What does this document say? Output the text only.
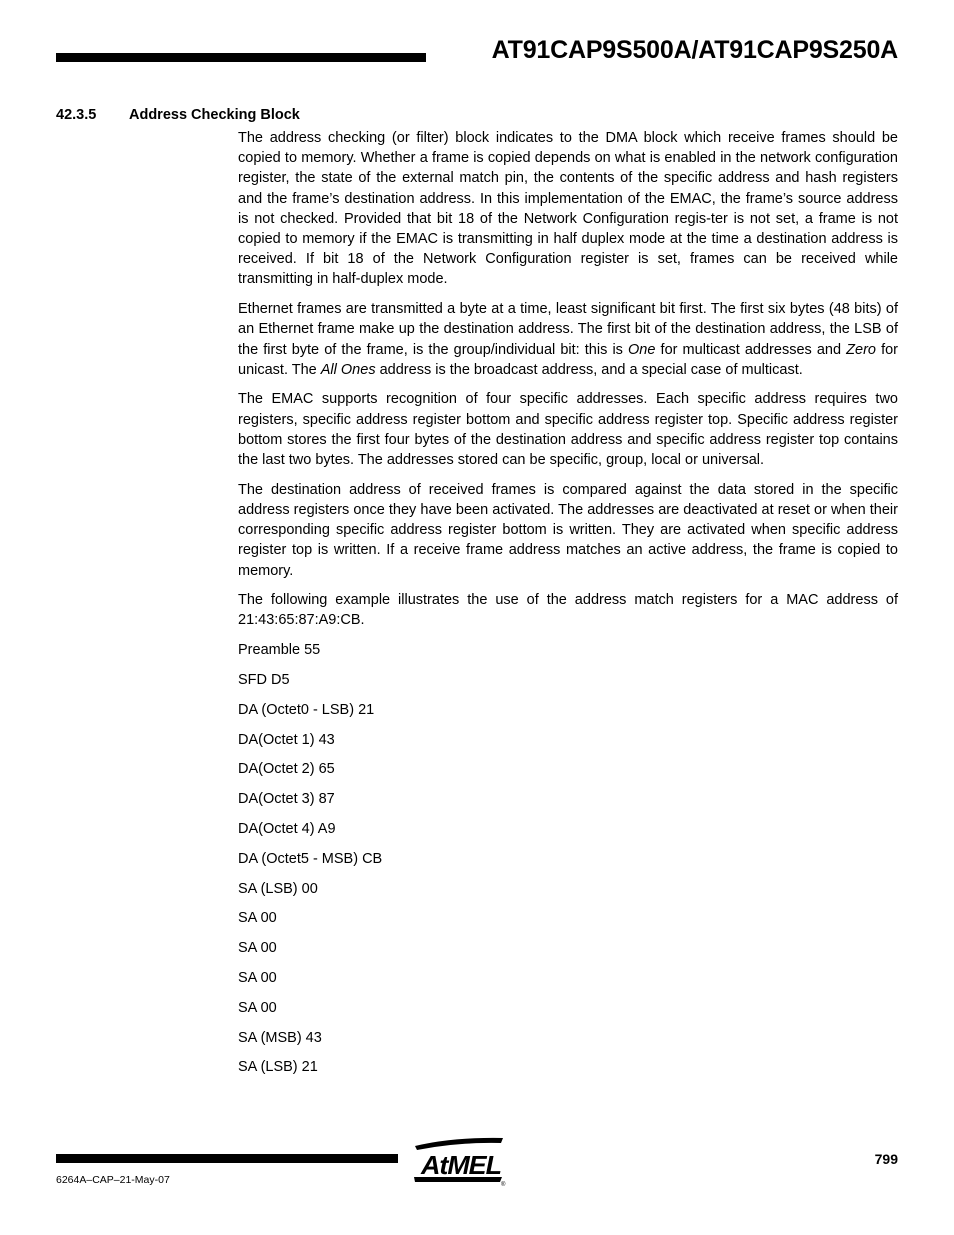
AT91CAP9S500A/AT91CAP9S250A
42.3.5 Address Checking Block

The address checking (or filter) block indicates to the DMA block which receive frames should be copied to memory. Whether a frame is copied depends on what is enabled in the network configuration register, the state of the external match pin, the contents of the specific address and hash registers and the frame’s destination address. In this implementation of the EMAC, the frame’s source address is not checked. Provided that bit 18 of the Network Configuration regis-ter is not set, a frame is not copied to memory if the EMAC is transmitting in half duplex mode at the time a destination address is received. If bit 18 of the Network Configuration register is set, frames can be received while transmitting in half-duplex mode.

Ethernet frames are transmitted a byte at a time, least significant bit first. The first six bytes (48 bits) of an Ethernet frame make up the destination address. The first bit of the destination address, the LSB of the first byte of the frame, is the group/individual bit: this is One for multicast addresses and Zero for unicast. The All Ones address is the broadcast address, and a special case of multicast.

The EMAC supports recognition of four specific addresses. Each specific address requires two registers, specific address register bottom and specific address register top. Specific address register bottom stores the first four bytes of the destination address and specific address register top contains the last two bytes. The addresses stored can be specific, group, local or universal.

The destination address of received frames is compared against the data stored in the specific address registers once they have been activated. The addresses are deactivated at reset or when their corresponding specific address register bottom is written. They are activated when specific address register top is written. If a receive frame address matches an active address, the frame is copied to memory.

The following example illustrates the use of the address match registers for a MAC address of 21:43:65:87:A9:CB.

Preamble 55

SFD D5

DA (Octet0 - LSB) 21

DA(Octet 1) 43

DA(Octet 2) 65

DA(Octet 3) 87

DA(Octet 4) A9

DA (Octet5 - MSB) CB

SA (LSB) 00

SA 00

SA 00

SA 00

SA 00

SA (MSB) 43

SA (LSB) 21

AtMEL
®
799
6264A–CAP–21-May-07
